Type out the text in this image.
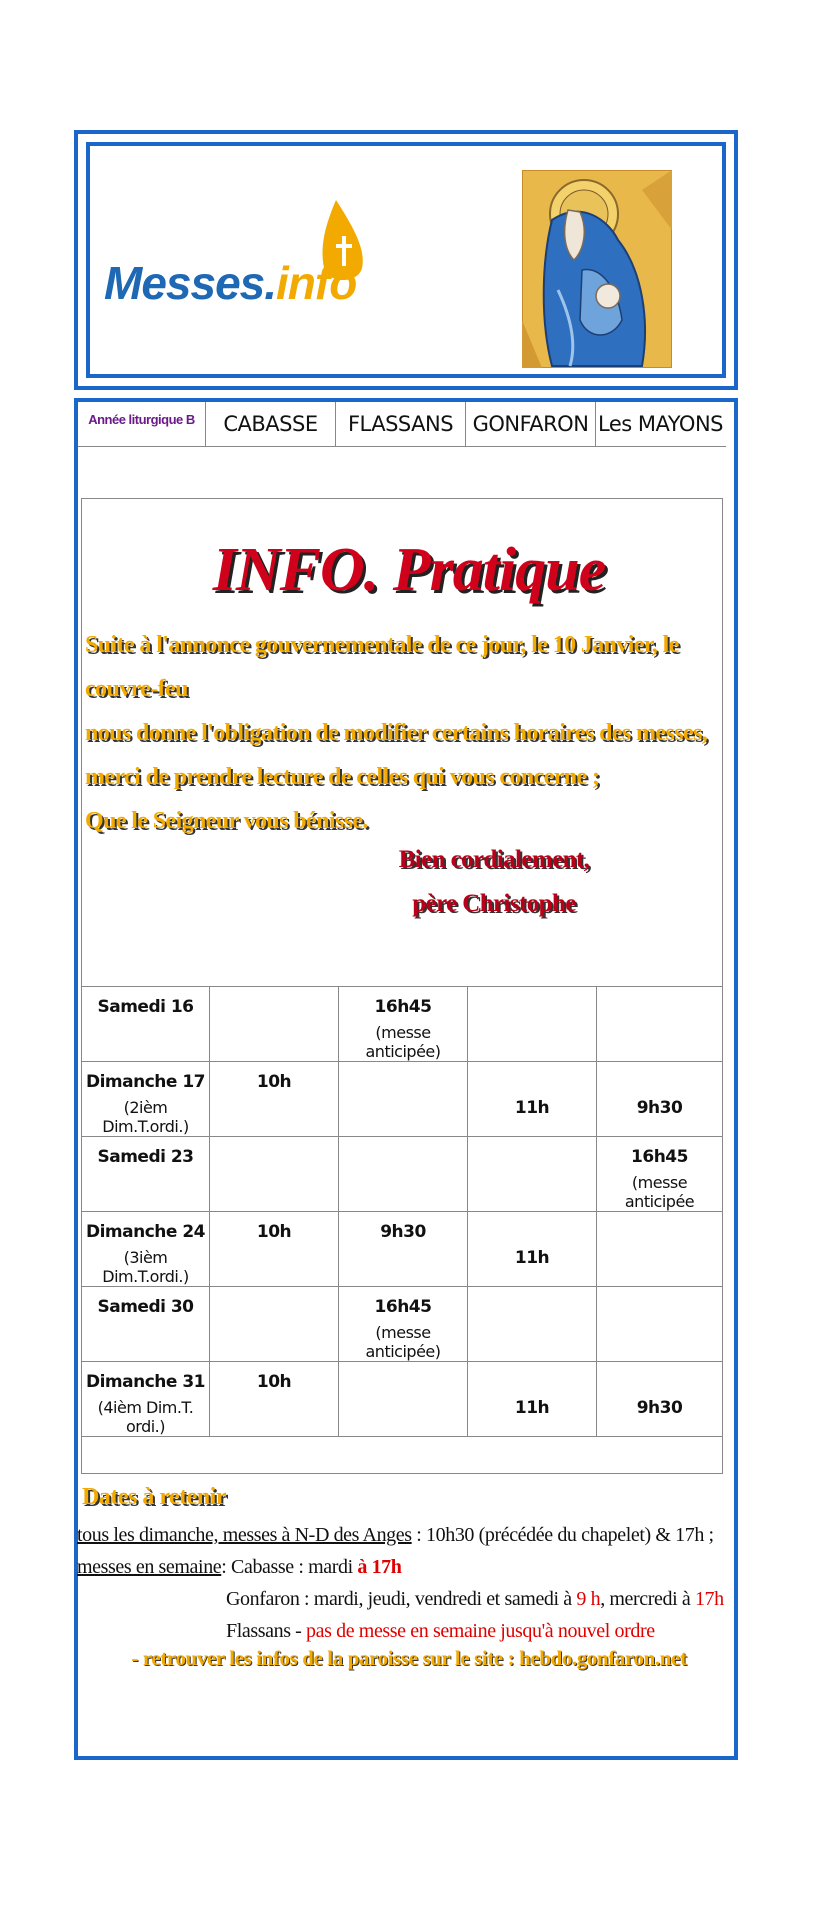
Messes.info
Année liturgique B	CABASSE	FLASSANS GONFARON Les MAYONS
INFO. Pratique
Suite à l'annonce gouvernementale de ce jour, le 10 Janvier, le couvre-feu
nous donne l'obligation de modifier certains horaires des messes,
merci de prendre lecture de celles qui vous concerne ;
Que le Seigneur vous bénisse.
Bien cordialement,
père Christophe
Samedi 16		16h45
(messe anticipée)		

Dimanche 17
(2ièm Dim.T.ordi.)	10h		11h	9h30
Samedi 23				16h45
(messe anticipée

Dimanche 24
(3ièm Dim.T.ordi.)	10h	9h30	11h	
Samedi 30		16h45
(messe anticipée)		

Dimanche 31
(4ièm Dim.T. ordi.)	10h		11h	9h30
Dates à retenir
tous les dimanche, messes à N-D des Anges : 10h30 (précédée du chapelet) & 17h ;
messes en semaine: Cabasse : mardi à 17h
Gonfaron : mardi, jeudi, vendredi et samedi à 9 h, mercredi à 17h
Flassans - pas de messe en semaine jusqu'à nouvel ordre
- retrouver les infos de la paroisse sur le site : hebdo.gonfaron.net
